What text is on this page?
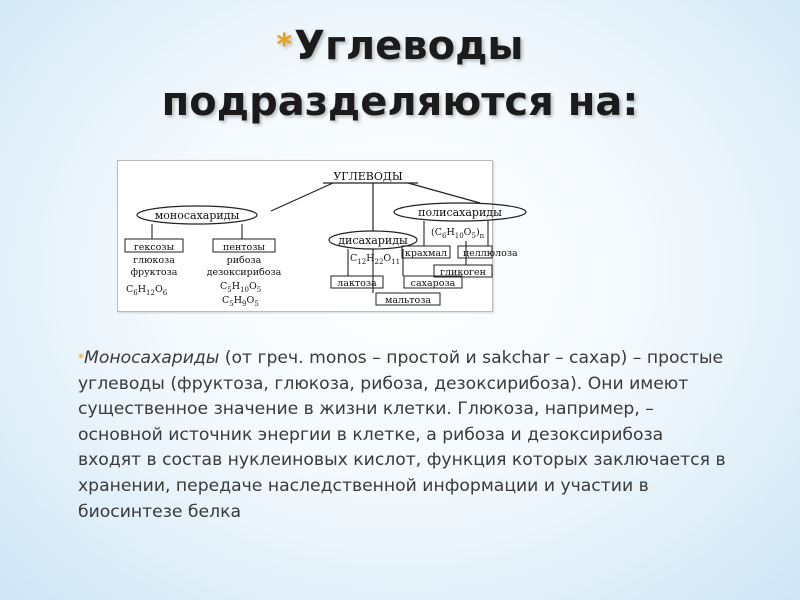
*Углеводы
подразделяются на:
УГЛЕВОДЫ
моносахариды
гексозы
глюкоза
фруктоза
$C_6H_{12}O_6$
пентозы
рибоза
дезоксирибоза
$C_5H_{10}O_5$
$C_5H_9O_5$
дисахариды
$C_{12}H_{22}O_{11}$
лактоза	сахароза
мальтоза
полисахариды
$(C_6H_{10}O_5)_n$
крахмал целлюлоза
гликоген
*Моносахариды (от греч. monos – простой и sakchar – сахар) – простые углеводы (фруктоза, глюкоза, рибоза, дезоксирибоза). Они имеют существенное значение в жизни клетки. Глюкоза, например, – основной источник энергии в клетке, а рибоза и дезоксирибоза входят в состав нуклеиновых кислот, функция которых заключается в хранении, передаче наследственной информации и участии в биосинтезе белка
